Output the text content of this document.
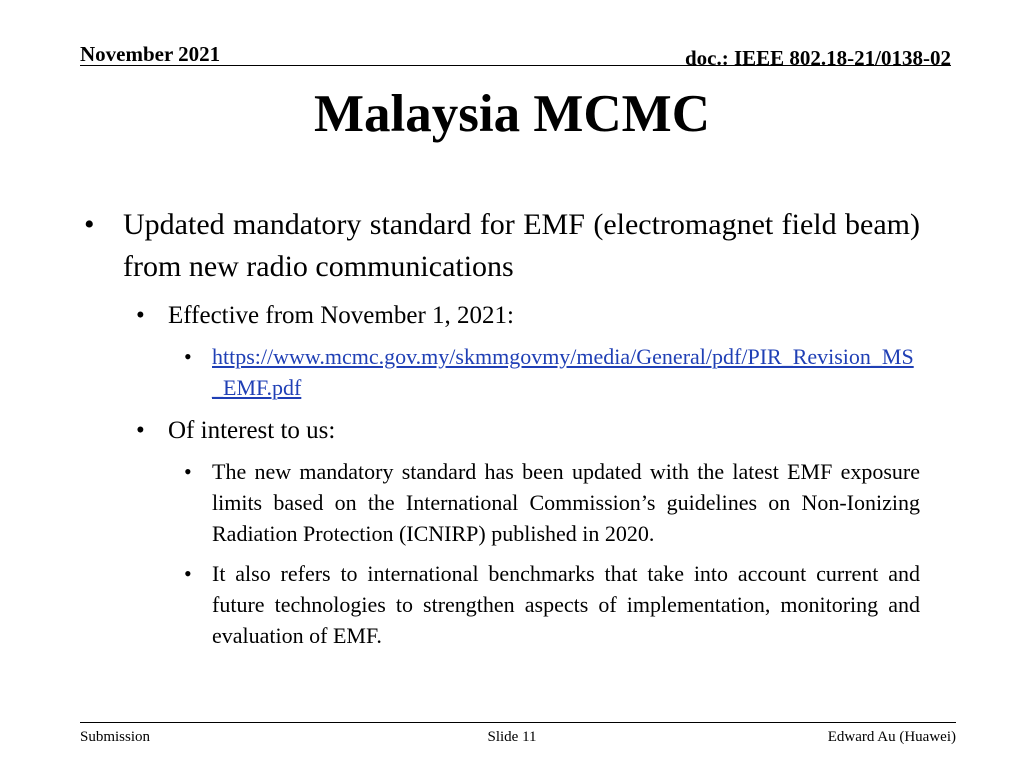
November 2021	doc.: IEEE 802.18-21/0138-02
Malaysia MCMC
• Updated mandatory standard for EMF (electromagnet field beam) from new radio communications
• Effective from November 1, 2021:
• https://www.mcmc.gov.my/skmmgovmy/media/General/pdf/PIR_Revision_MS_EMF.pdf
• Of interest to us:
• The new mandatory standard has been updated with the latest EMF exposure limits based on the International Commission’s guidelines on Non-Ionizing Radiation Protection (ICNIRP) published in 2020.
• It also refers to international benchmarks that take into account current and future technologies to strengthen aspects of implementation, monitoring and evaluation of EMF.
Submission	Slide 11	Edward Au (Huawei)
